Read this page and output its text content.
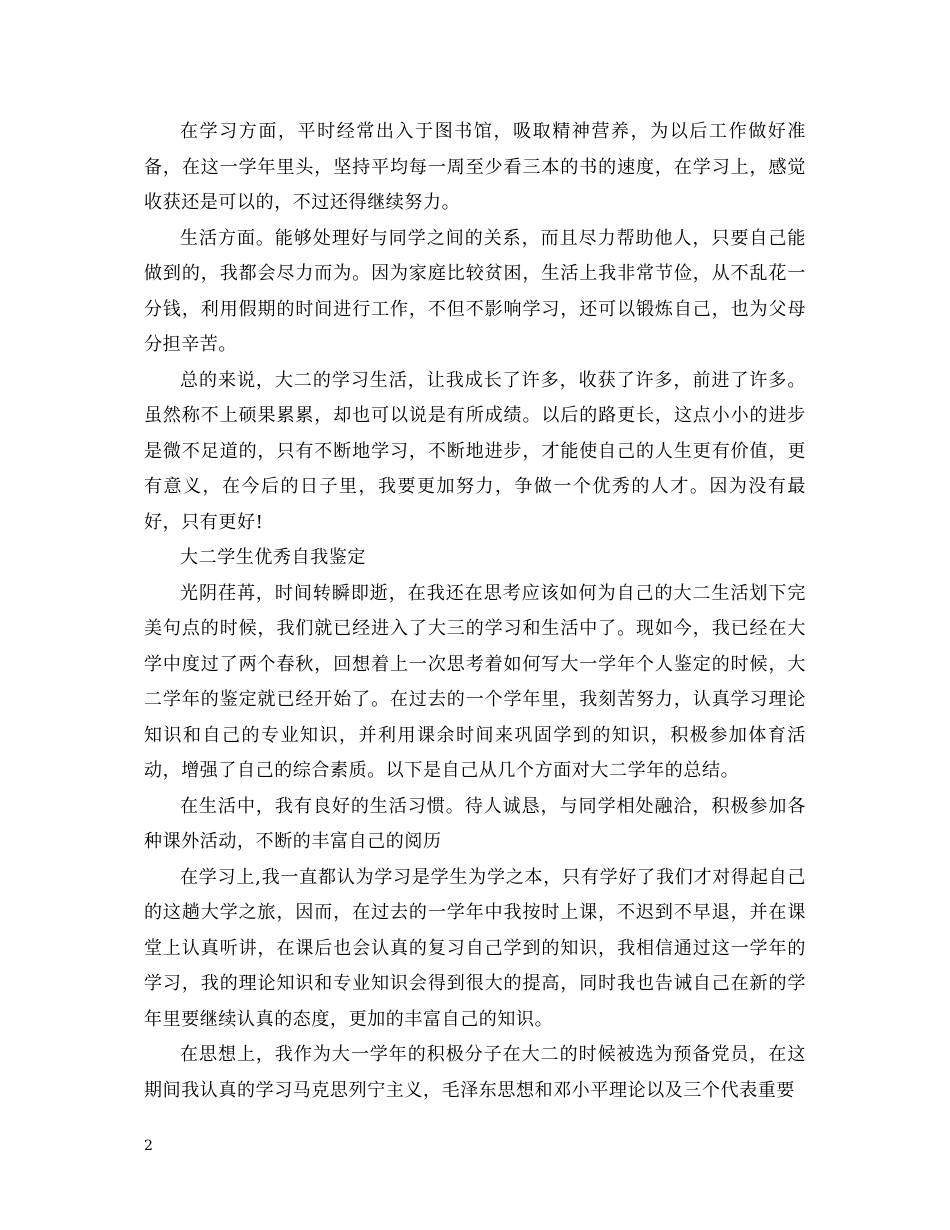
在学习方面，平时经常出入于图书馆，吸取精神营养，为以后工作做好准备，在这一学年里头，坚持平均每一周至少看三本的书的速度，在学习上，感觉收获还是可以的，不过还得继续努力。

生活方面。能够处理好与同学之间的关系，而且尽力帮助他人，只要自己能做到的，我都会尽力而为。因为家庭比较贫困，生活上我非常节俭，从不乱花一分钱，利用假期的时间进行工作，不但不影响学习，还可以锻炼自己，也为父母分担辛苦。

总的来说，大二的学习生活，让我成长了许多，收获了许多，前进了许多。虽然称不上硕果累累，却也可以说是有所成绩。以后的路更长，这点小小的进步是微不足道的，只有不断地学习，不断地进步，才能使自己的人生更有价值，更有意义，在今后的日子里，我要更加努力，争做一个优秀的人才。因为没有最好，只有更好!

大二学生优秀自我鉴定

光阴荏苒，时间转瞬即逝，在我还在思考应该如何为自己的大二生活划下完美句点的时候，我们就已经进入了大三的学习和生活中了。现如今，我已经在大学中度过了两个春秋，回想着上一次思考着如何写大一学年个人鉴定的时候，大二学年的鉴定就已经开始了。在过去的一个学年里，我刻苦努力，认真学习理论知识和自己的专业知识，并利用课余时间来巩固学到的知识，积极参加体育活动，增强了自己的综合素质。以下是自己从几个方面对大二学年的总结。

在生活中，我有良好的生活习惯。待人诚恳，与同学相处融洽，积极参加各种课外活动，不断的丰富自己的阅历

在学习上,我一直都认为学习是学生为学之本，只有学好了我们才对得起自己的这趟大学之旅，因而，在过去的一学年中我按时上课，不迟到不早退，并在课堂上认真听讲，在课后也会认真的复习自己学到的知识，我相信通过这一学年的学习，我的理论知识和专业知识会得到很大的提高，同时我也告诫自己在新的学年里要继续认真的态度，更加的丰富自己的知识。

在思想上，我作为大一学年的积极分子在大二的时候被选为预备党员，在这期间我认真的学习马克思列宁主义，毛泽东思想和邓小平理论以及三个代表重要

2
